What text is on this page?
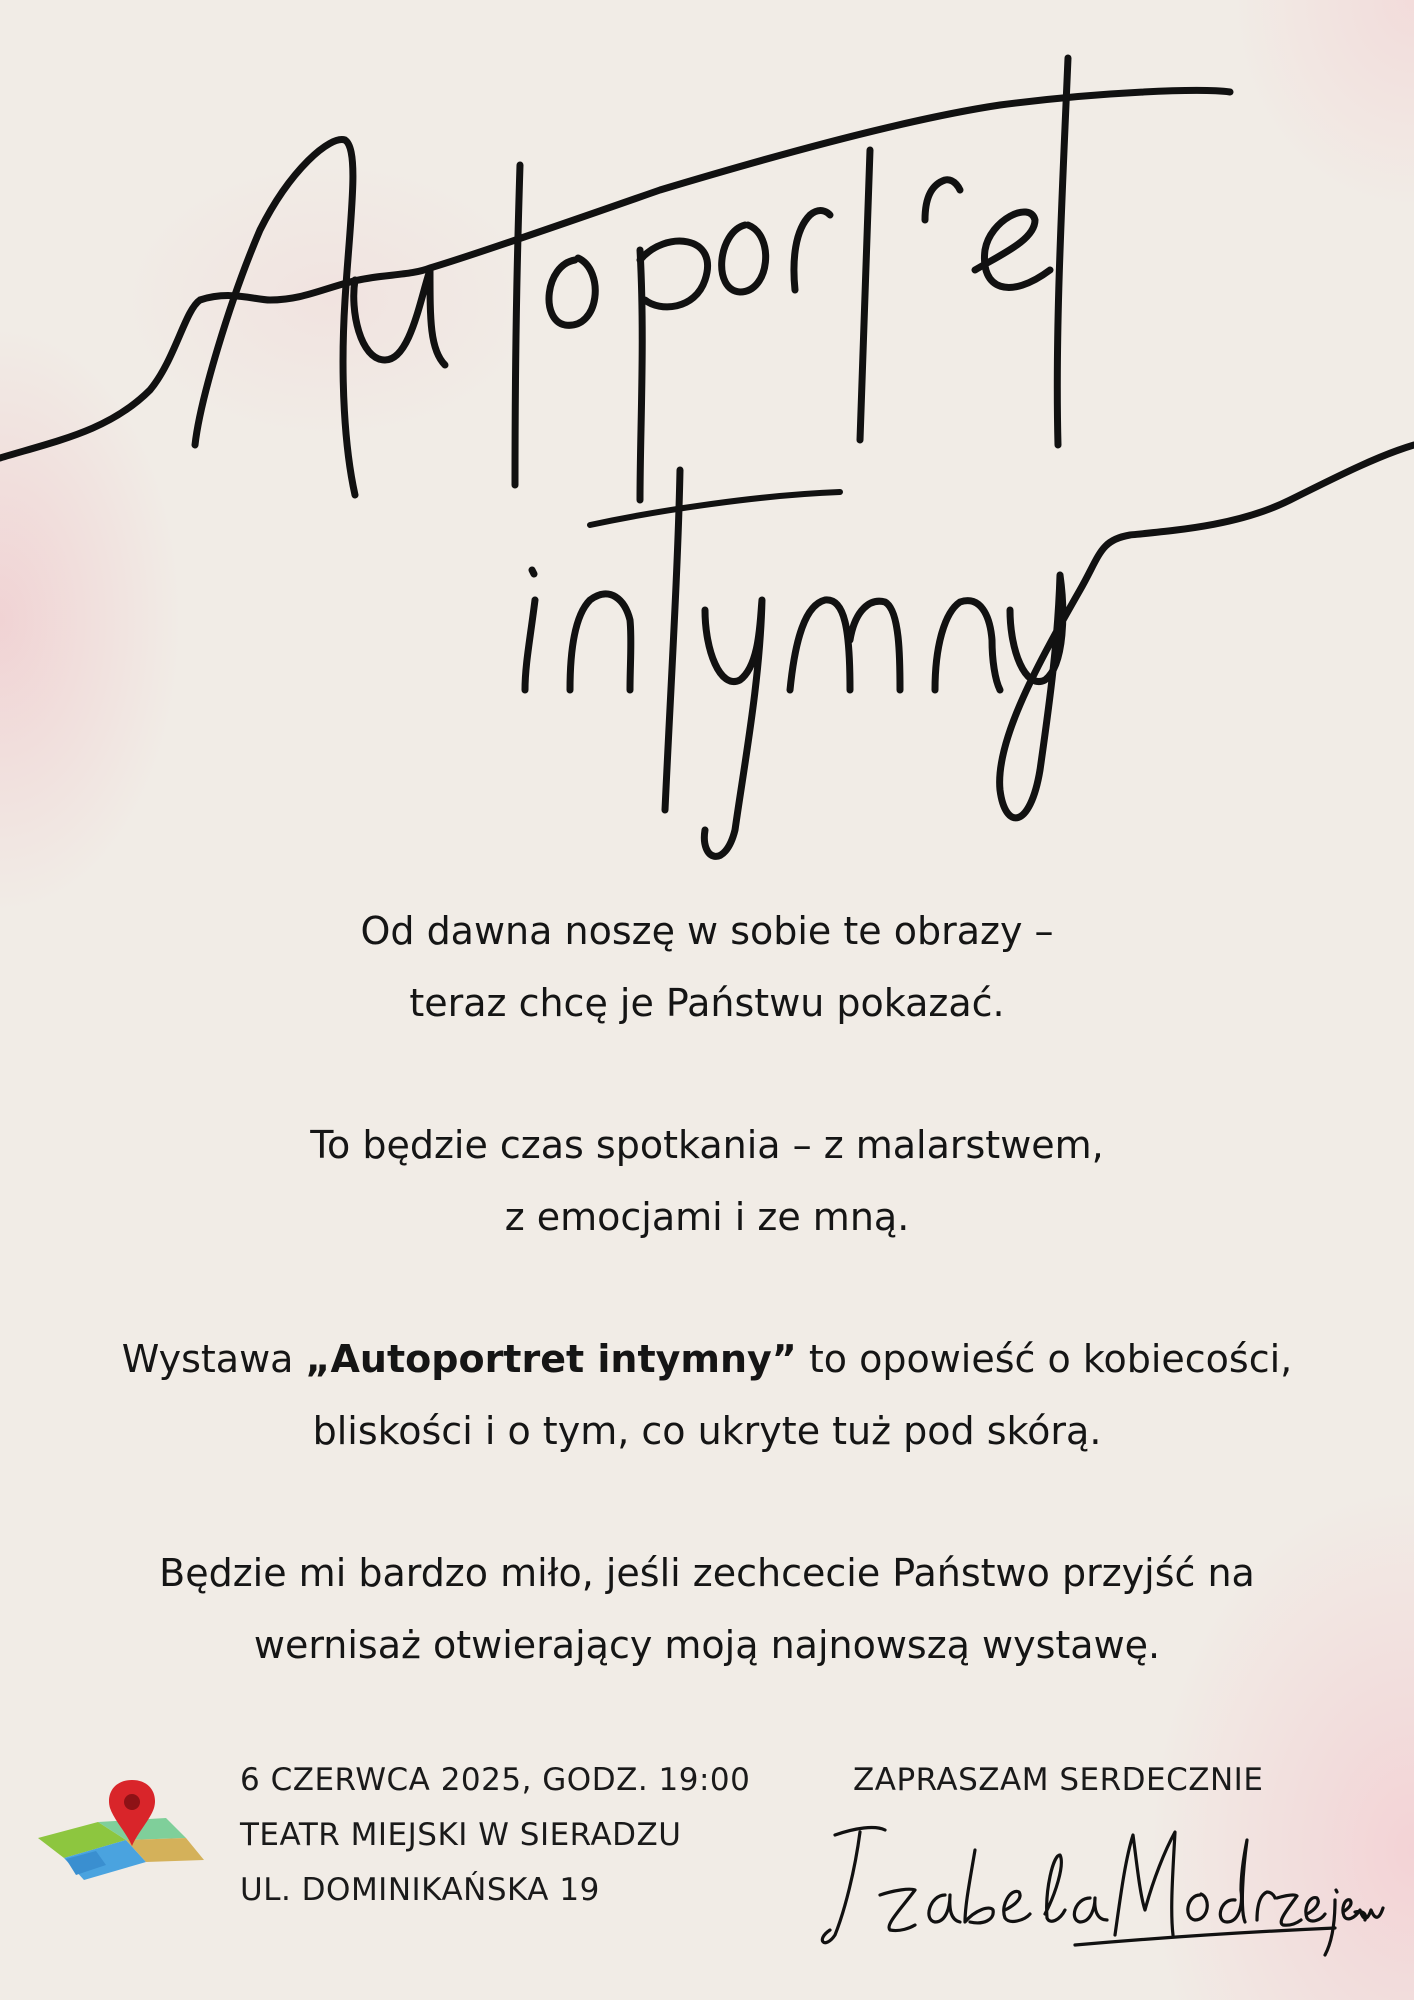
Od dawna noszę w sobie te obrazy –
teraz chcę je Państwu pokazać.

To będzie czas spotkania – z malarstwem,
z emocjami i ze mną.

Wystawa „Autoportret intymny” to opowieść o kobiecości,
bliskości i o tym, co ukryte tuż pod skórą.

Będzie mi bardzo miło, jeśli zechcecie Państwo przyjść na
wernisaż otwierający moją najnowszą wystawę.

6 CZERWCA 2025, GODZ. 19:00
TEATR MIEJSKI W SIERADZU
UL. DOMINIKAŃSKA 19
ZAPRASZAM SERDECZNIE
